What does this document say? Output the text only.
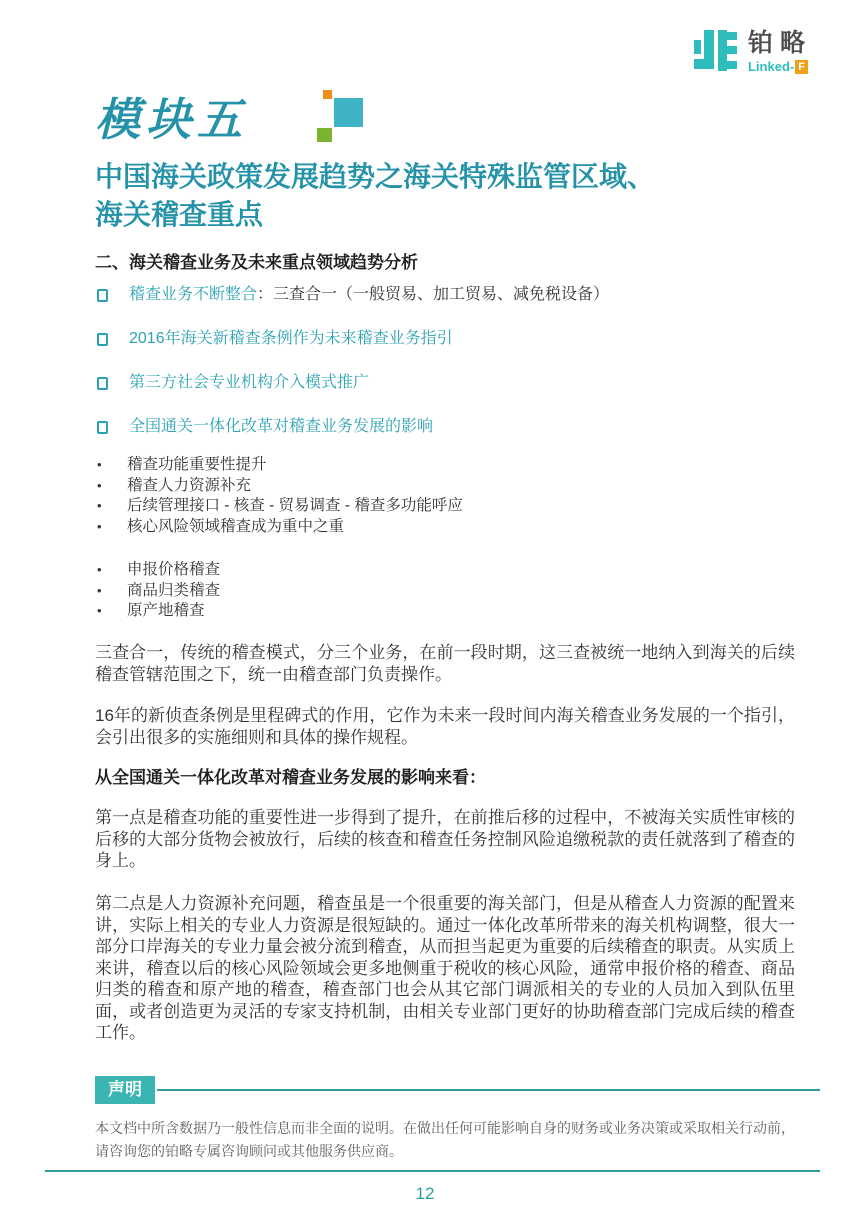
铂略
Linked- F
模块五
中国海关政策发展趋势之海关特殊监管区域、
海关稽查重点
二、海关稽查业务及未来重点领域趋势分析
稽查业务不断整合：三查合一（一般贸易、加工贸易、减免税设备）
2016年海关新稽查条例作为未来稽查业务指引
第三方社会专业机构介入模式推广
全国通关一体化改革对稽查业务发展的影响
• 稽查功能重要性提升
• 稽查人力资源补充
• 后续管理接口 - 核查 - 贸易调查 - 稽查多功能呼应
• 核心风险领域稽查成为重中之重
• 申报价格稽查
• 商品归类稽查
• 原产地稽查

三查合一，传统的稽查模式，分三个业务，在前一段时期，这三查被统一地纳入到海关的后续稽查管辖范围之下，统一由稽查部门负责操作。

16年的新侦查条例是里程碑式的作用，它作为未来一段时间内海关稽查业务发展的一个指引，会引出很多的实施细则和具体的操作规程。

从全国通关一体化改革对稽查业务发展的影响来看：

第一点是稽查功能的重要性进一步得到了提升，在前推后移的过程中，不被海关实质性审核的后移的大部分货物会被放行，后续的核查和稽查任务控制风险追缴税款的责任就落到了稽查的身上。

第二点是人力资源补充问题，稽查虽是一个很重要的海关部门，但是从稽查人力资源的配置来讲，实际上相关的专业人力资源是很短缺的。通过一体化改革所带来的海关机构调整，很大一部分口岸海关的专业力量会被分流到稽查，从而担当起更为重要的后续稽查的职责。从实质上来讲，稽查以后的核心风险领域会更多地侧重于税收的核心风险，通常申报价格的稽查、商品归类的稽查和原产地的稽查，稽查部门也会从其它部门调派相关的专业的人员加入到队伍里面，或者创造更为灵活的专家支持机制，由相关专业部门更好的协助稽查部门完成后续的稽查工作。

声明
本文档中所含数据乃一般性信息而非全面的说明。在做出任何可能影响自身的财务或业务决策或采取相关行动前，
请咨询您的铂略专属咨询顾问或其他服务供应商。
12
